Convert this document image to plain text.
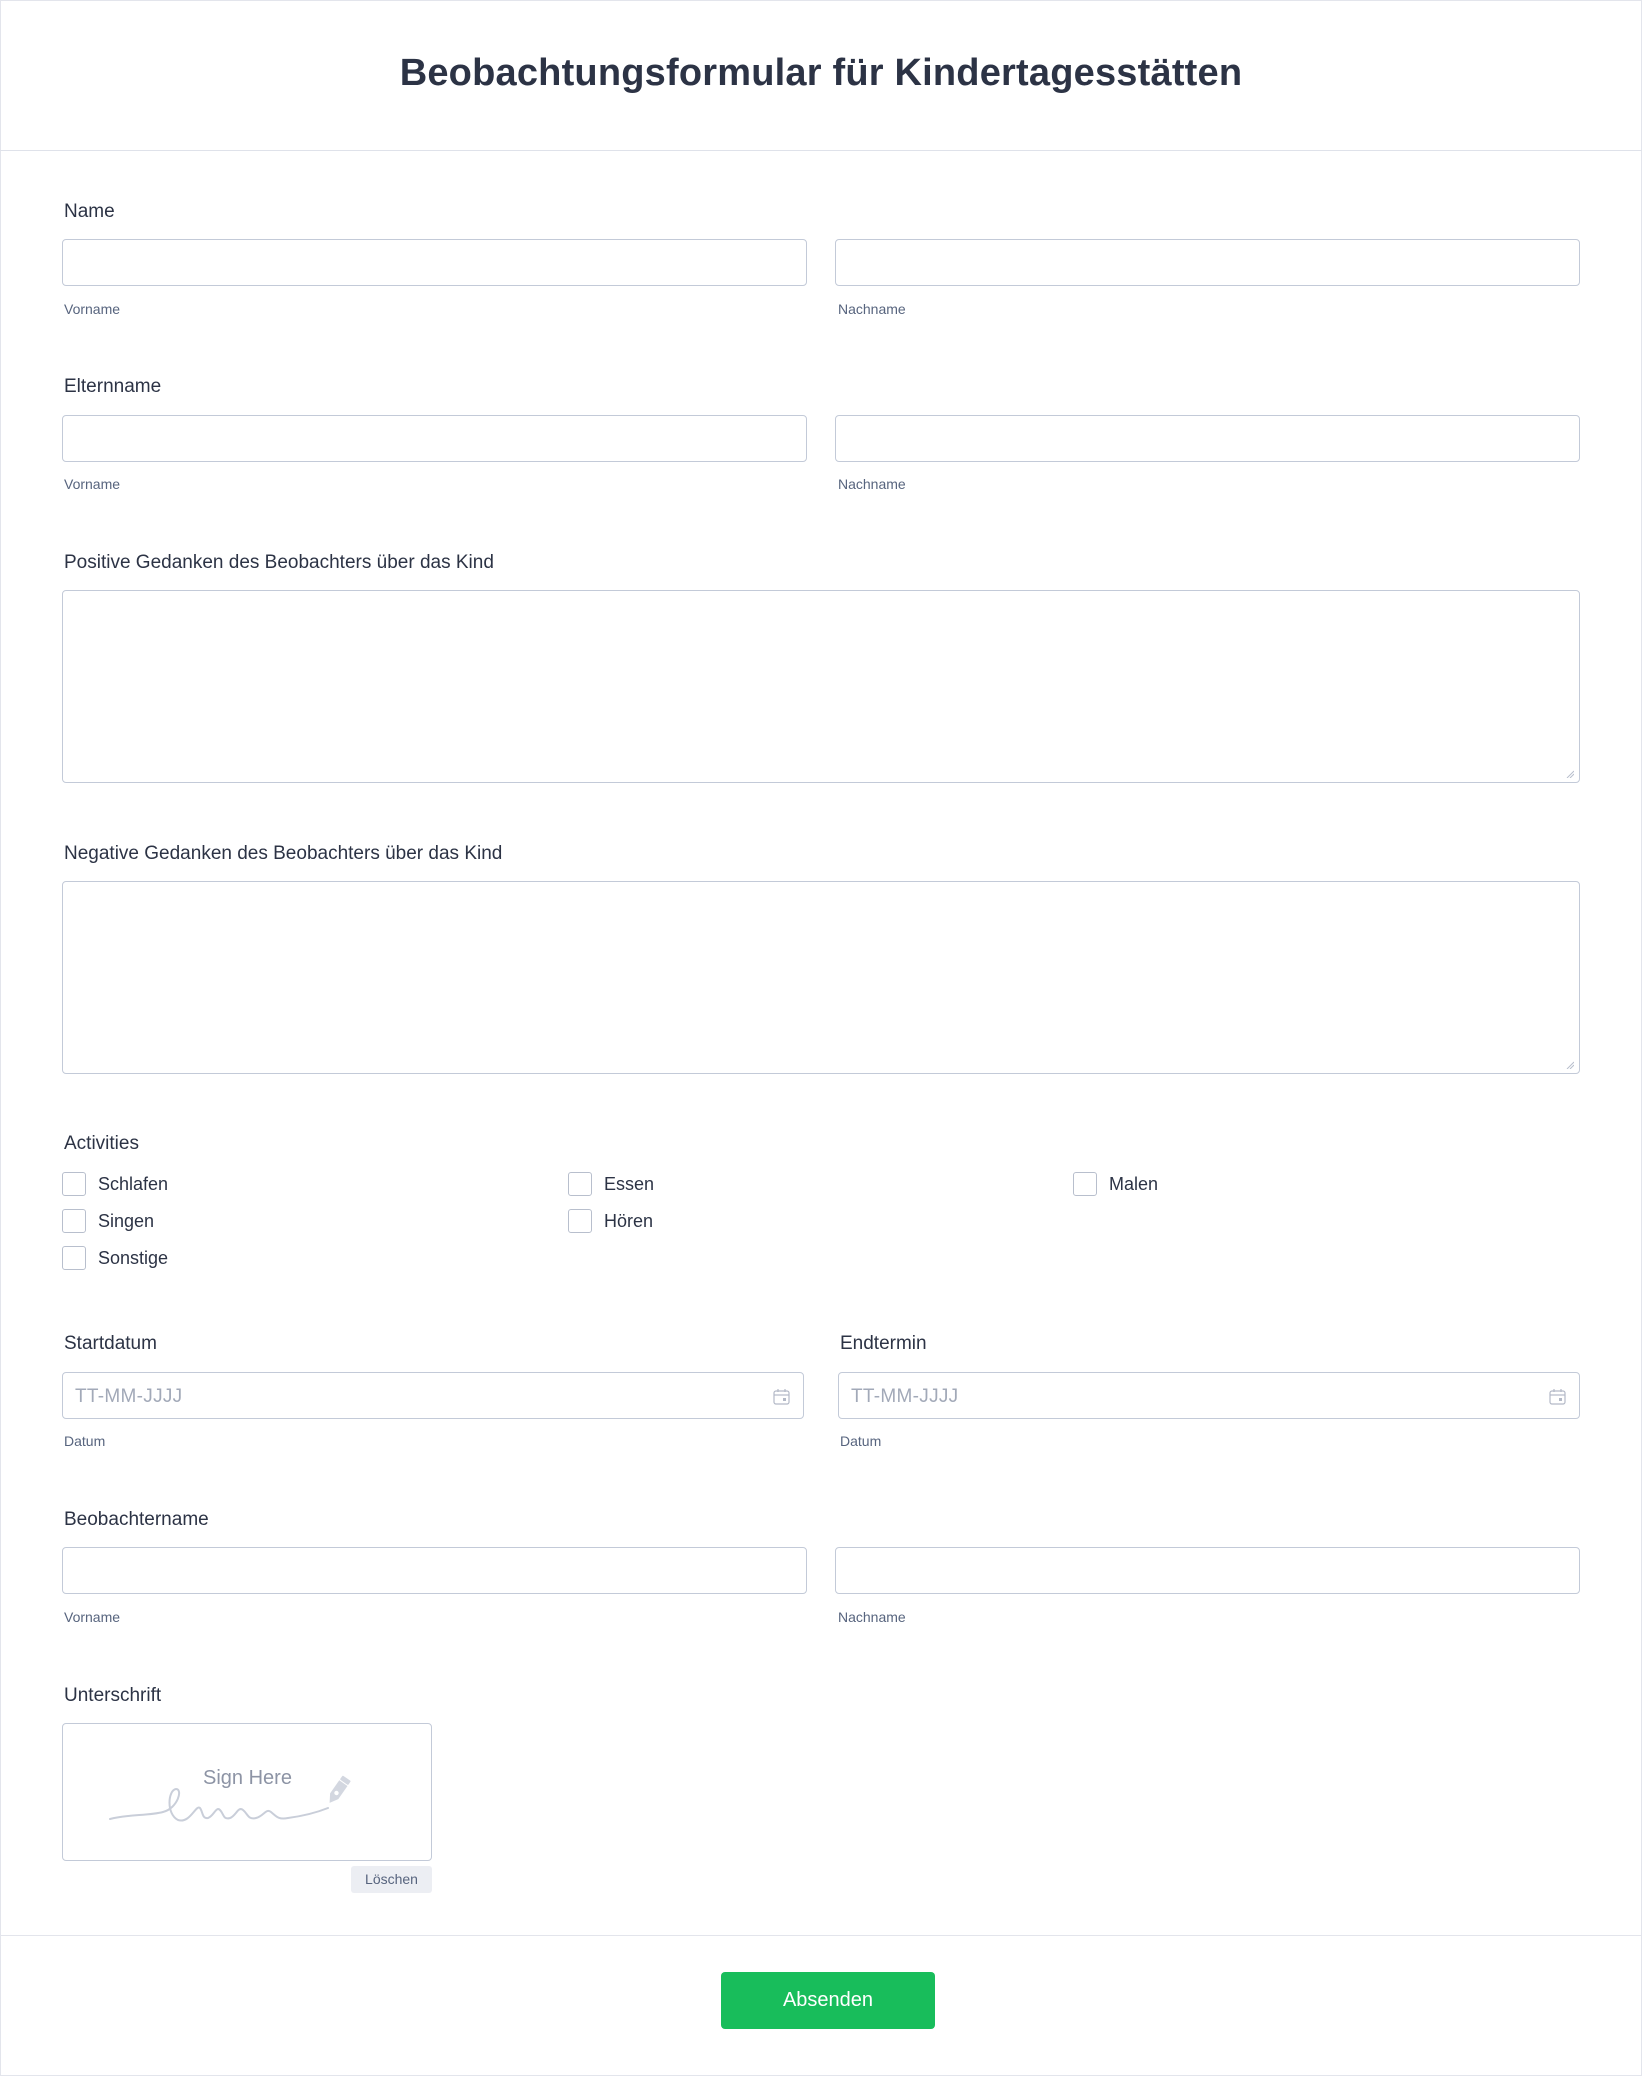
Beobachtungsformular für Kindertagesstätten
Name
Vorname	Nachname
Elternname
Vorname	Nachname
Positive Gedanken des Beobachters über das Kind
Negative Gedanken des Beobachters über das Kind
Activities
Schlafen	Essen	Malen
Singen	Hören
Sonstige
Startdatum
TT-MM-JJJJ
Datum
Endtermin
TT-MM-JJJJ
Datum
Beobachtername
Vorname	Nachname
Unterschrift
Sign Here
Löschen
Absenden
